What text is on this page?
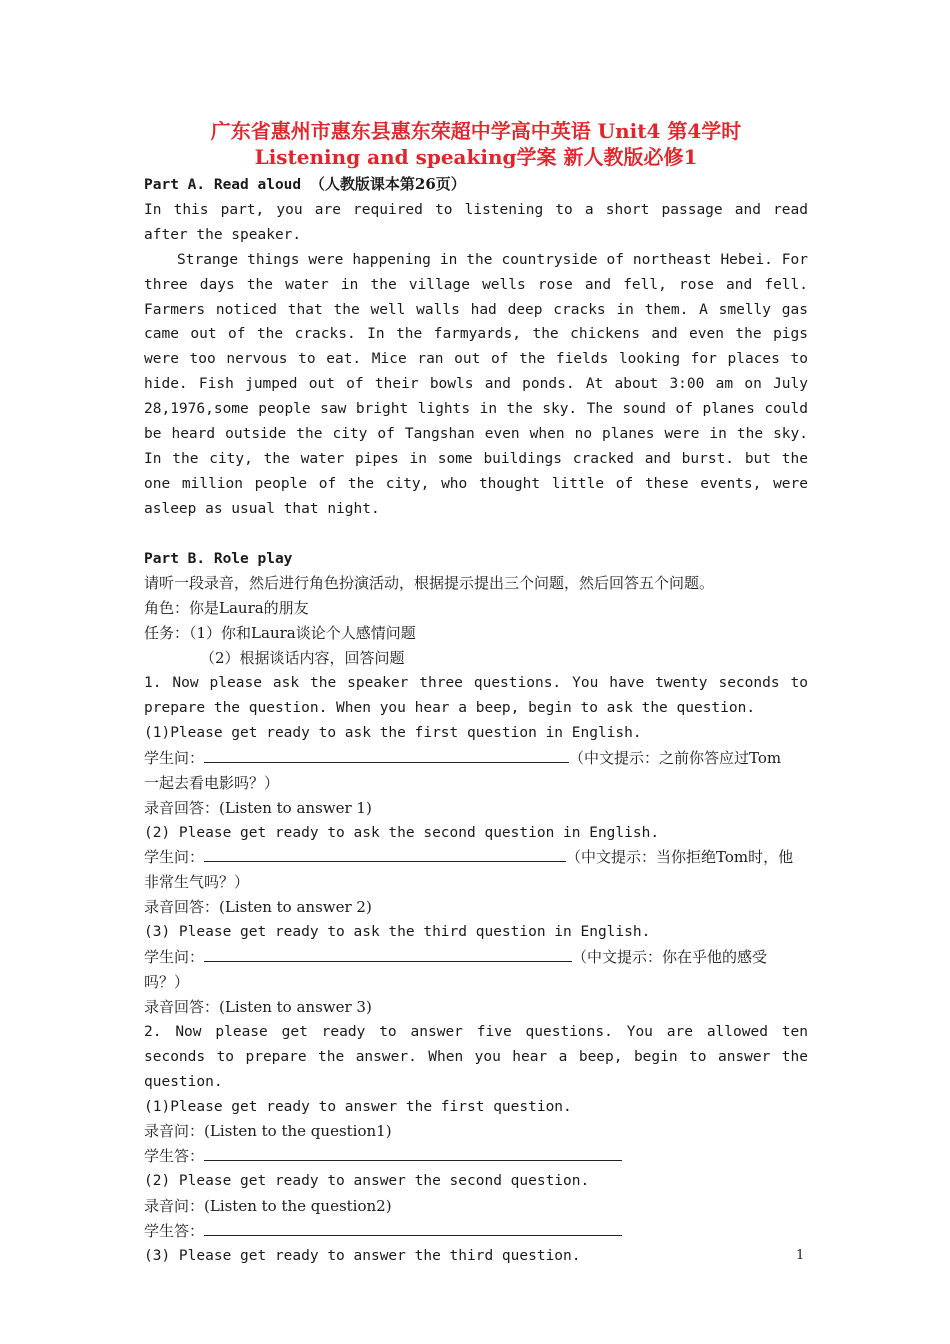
广东省惠州市惠东县惠东荣超中学高中英语 Unit4 第4学时
Listening and speaking学案 新人教版必修1

Part A. Read aloud （人教版课本第26页）

In this part, you are required to listening to a short passage and read after the speaker.

Strange things were happening in the countryside of northeast Hebei. For three days the water in the village wells rose and fell, rose and fell. Farmers noticed that the well walls had deep cracks in them. A smelly gas came out of the cracks. In the farmyards, the chickens and even the pigs were too nervous to eat. Mice ran out of the fields looking for places to hide. Fish jumped out of their bowls and ponds. At about 3:00 am on July 28,1976,some people saw bright lights in the sky. The sound of planes could be heard outside the city of Tangshan even when no planes were in the sky. In the city, the water pipes in some buildings cracked and burst. but the one million people of the city, who thought little of these events, were asleep as usual that night.

Part B. Role play

请听一段录音，然后进行角色扮演活动，根据提示提出三个问题，然后回答五个问题。

角色：你是Laura的朋友

任务：（1）你和Laura谈论个人感情问题

（2）根据谈话内容，回答问题

1. Now please ask the speaker three questions. You have twenty seconds to prepare the question. When you hear a beep, begin to ask the question.

(1)Please get ready to ask the first question in English.

学生问：	（中文提示：之前你答应过Tom

一起去看电影吗？）

录音回答：(Listen to answer 1)

(2) Please get ready to ask the second question in English.

学生问：	（中文提示：当你拒绝Tom时，他

非常生气吗？）

录音回答：(Listen to answer 2)

(3) Please get ready to ask the third question in English.

学生问：	（中文提示：你在乎他的感受

吗？）

录音回答：(Listen to answer 3)

2. Now please get ready to answer five questions. You are allowed ten seconds to prepare the answer. When you hear a beep, begin to answer the question.

(1)Please get ready to answer the first question.

录音问：(Listen to the question1)

学生答：

(2) Please get ready to answer the second question.

录音问：(Listen to the question2)

学生答：

(3) Please get ready to answer the third question.	1
